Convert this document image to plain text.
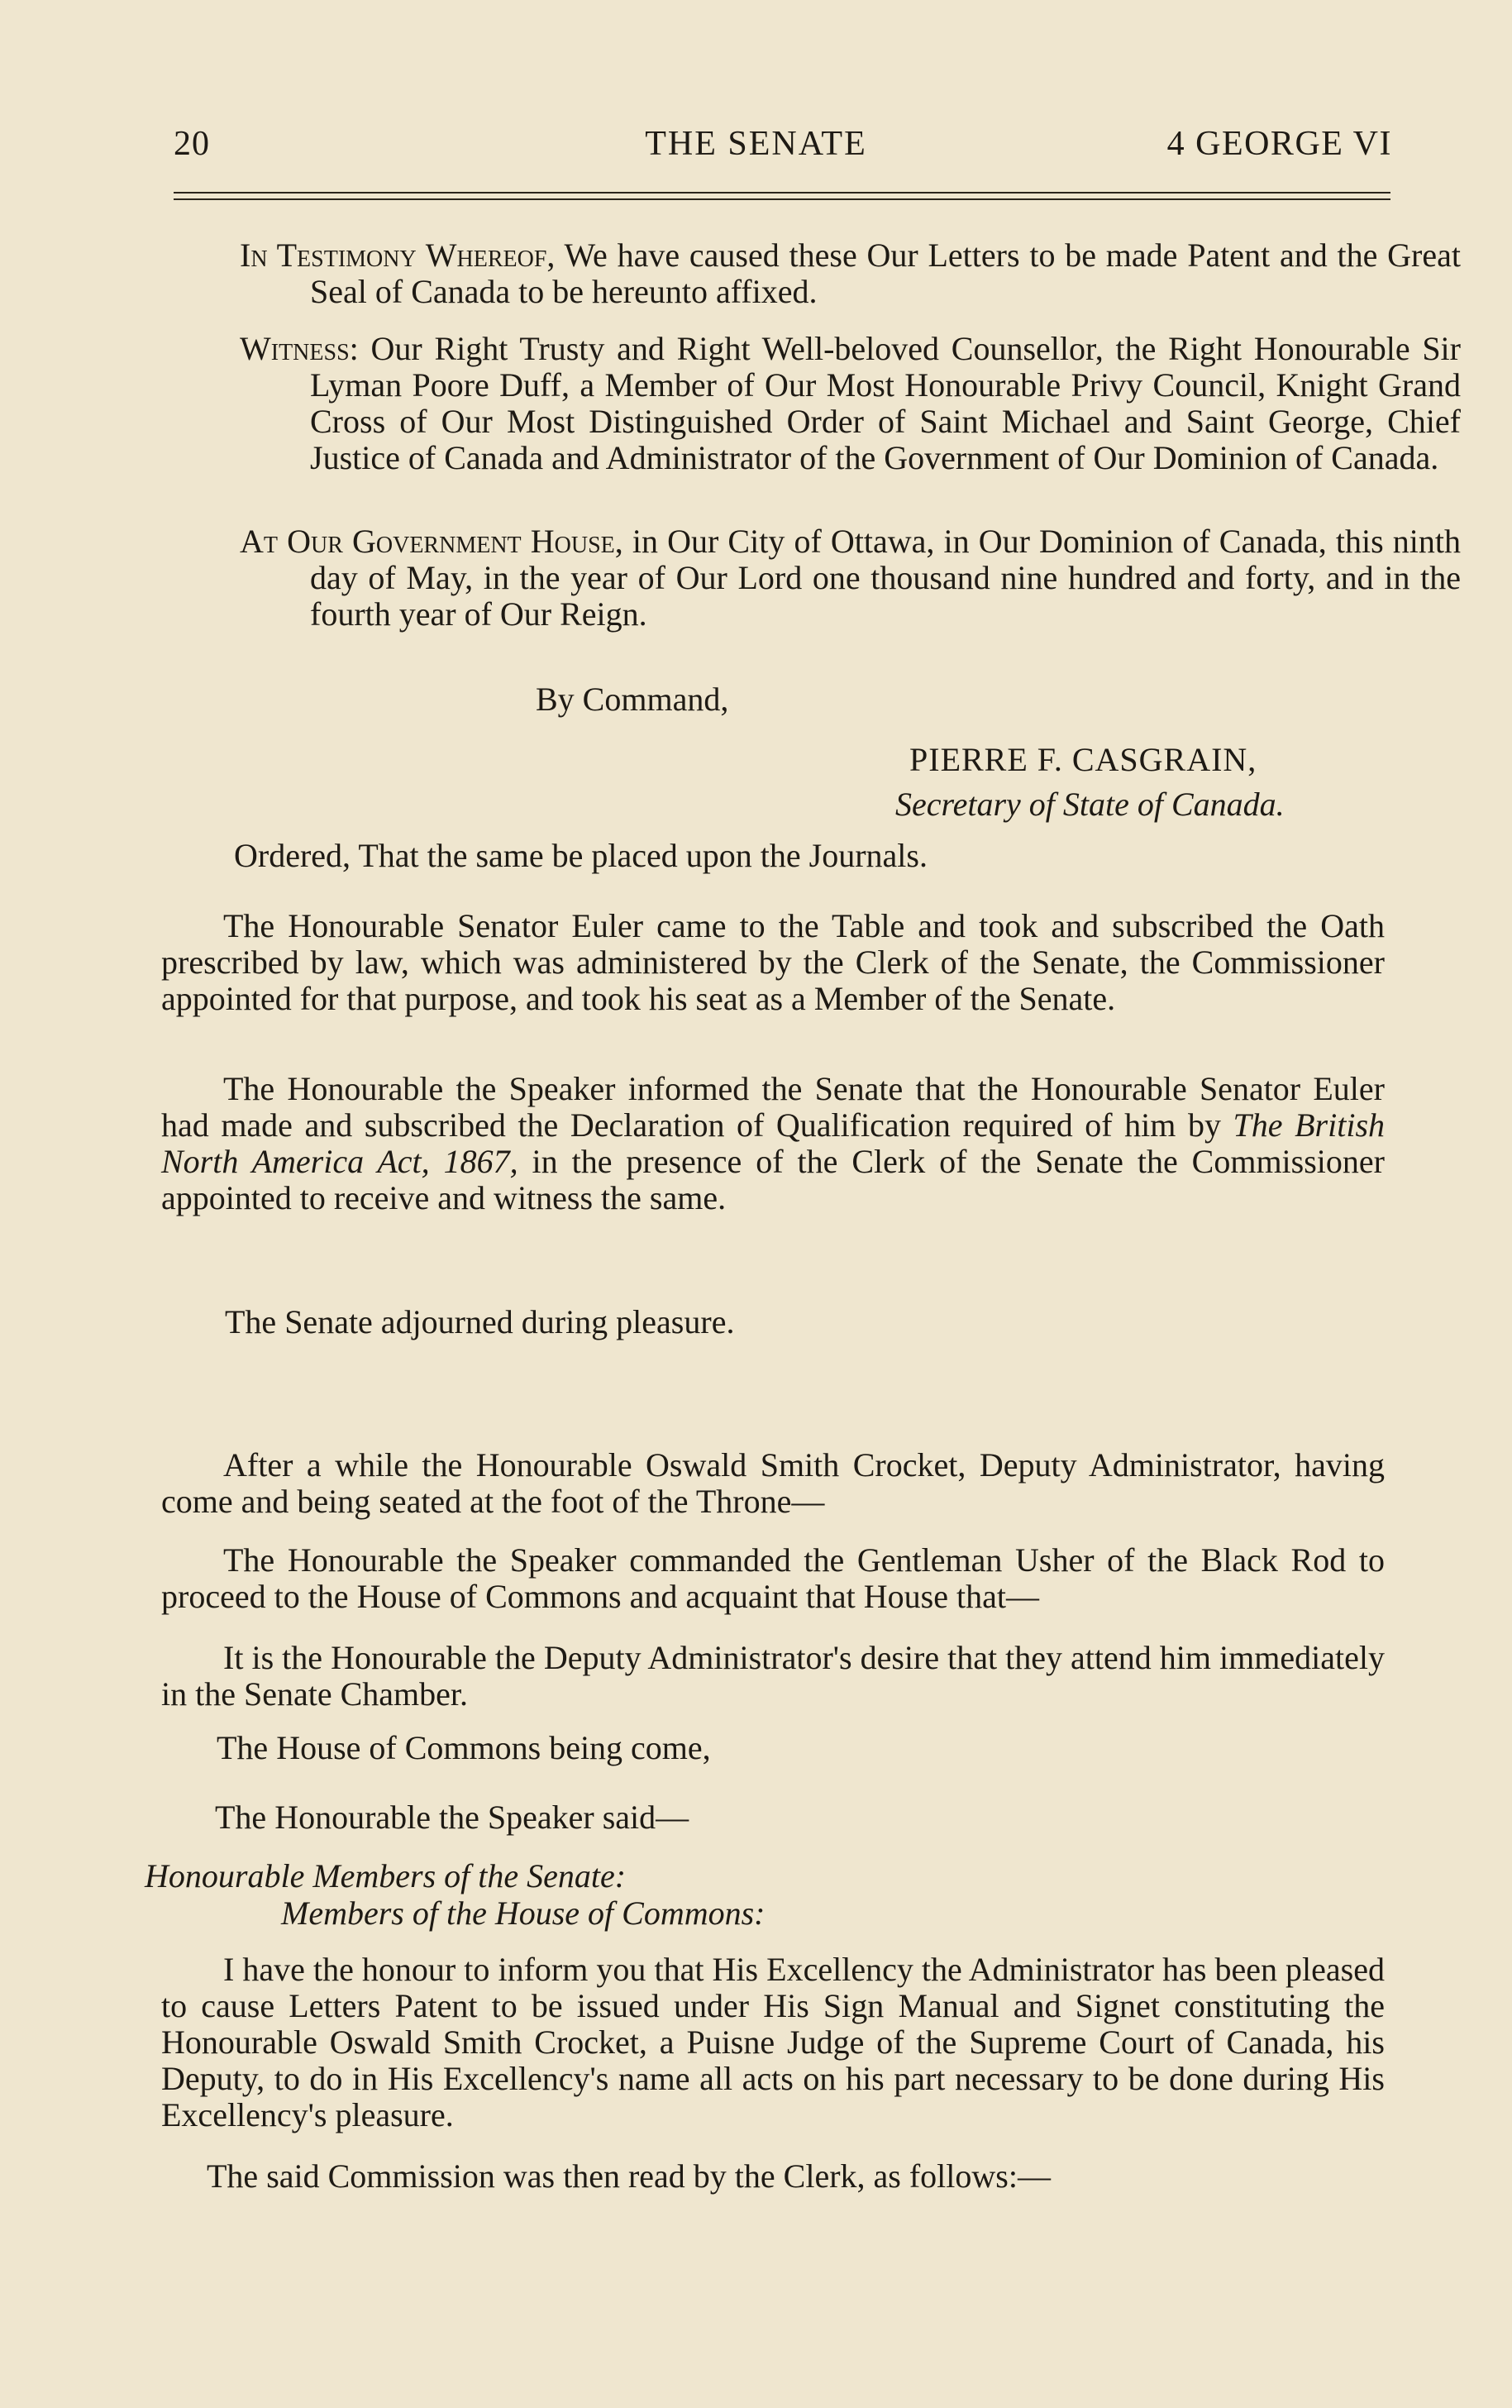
20	THE SENATE	4 GEORGE VI

In Testimony Whereof, We have caused these Our Letters to be made Patent and the Great Seal of Canada to be hereunto affixed.

Witness: Our Right Trusty and Right Well-beloved Counsellor, the Right Honourable Sir Lyman Poore Duff, a Member of Our Most Honourable Privy Council, Knight Grand Cross of Our Most Distinguished Order of Saint Michael and Saint George, Chief Justice of Canada and Administrator of the Government of Our Dominion of Canada.

At Our Government House, in Our City of Ottawa, in Our Dominion of Canada, this ninth day of May, in the year of Our Lord one thousand nine hundred and forty, and in the fourth year of Our Reign.

By Command,
PIERRE F. CASGRAIN,
Secretary of State of Canada.
Ordered, That the same be placed upon the Journals.

The Honourable Senator Euler came to the Table and took and subscribed the Oath prescribed by law, which was administered by the Clerk of the Senate, the Commissioner appointed for that purpose, and took his seat as a Member of the Senate.

The Honourable the Speaker informed the Senate that the Honourable Senator Euler had made and subscribed the Declaration of Qualification required of him by The British North America Act, 1867, in the presence of the Clerk of the Senate the Commissioner appointed to receive and witness the same.

The Senate adjourned during pleasure.

After a while the Honourable Oswald Smith Crocket, Deputy Administrator, having come and being seated at the foot of the Throne—

The Honourable the Speaker commanded the Gentleman Usher of the Black Rod to proceed to the House of Commons and acquaint that House that—

It is the Honourable the Deputy Administrator's desire that they attend him immediately in the Senate Chamber.

The House of Commons being come,
The Honourable the Speaker said—
Honourable Members of the Senate:
Members of the House of Commons:

I have the honour to inform you that His Excellency the Administrator has been pleased to cause Letters Patent to be issued under His Sign Manual and Signet constituting the Honourable Oswald Smith Crocket, a Puisne Judge of the Supreme Court of Canada, his Deputy, to do in His Excellency's name all acts on his part necessary to be done during His Excellency's pleasure.

The said Commission was then read by the Clerk, as follows:—
